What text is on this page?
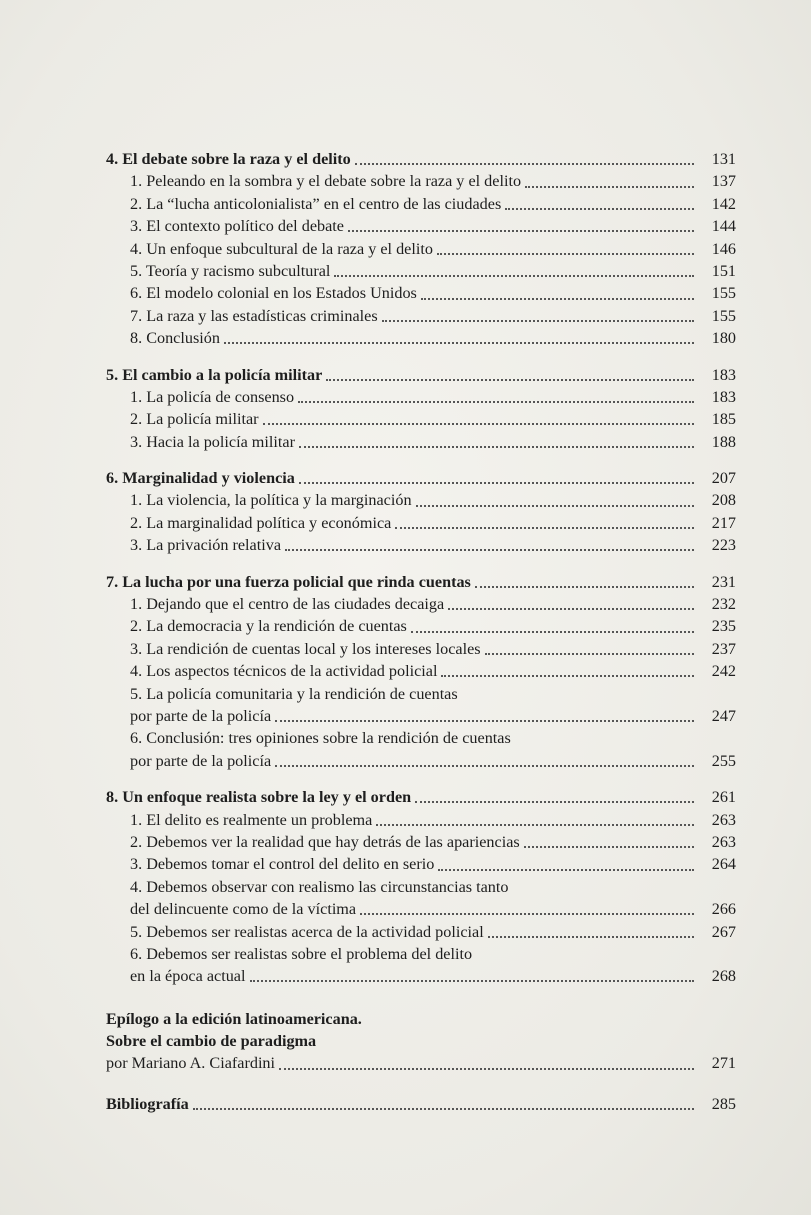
4. El debate sobre la raza y el delito	131
1. Peleando en la sombra y el debate sobre la raza y el delito	137
2. La “lucha anticolonialista” en el centro de las ciudades	142
3. El contexto político del debate	144
4. Un enfoque subcultural de la raza y el delito	146
5. Teoría y racismo subcultural	151
6. El modelo colonial en los Estados Unidos	155
7. La raza y las estadísticas criminales	155
8. Conclusión	180
5. El cambio a la policía militar	183
1. La policía de consenso	183
2. La policía militar	185
3. Hacia la policía militar	188
6. Marginalidad y violencia	207
1. La violencia, la política y la marginación	208
2. La marginalidad política y económica	217
3. La privación relativa	223
7. La lucha por una fuerza policial que rinda cuentas	231
1. Dejando que el centro de las ciudades decaiga	232
2. La democracia y la rendición de cuentas	235
3. La rendición de cuentas local y los intereses locales	237
4. Los aspectos técnicos de la actividad policial	242
5. La policía comunitaria y la rendición de cuentas
por parte de la policía	247
6. Conclusión: tres opiniones sobre la rendición de cuentas
por parte de la policía	255
8. Un enfoque realista sobre la ley y el orden	261
1. El delito es realmente un problema	263
2. Debemos ver la realidad que hay detrás de las apariencias	263
3. Debemos tomar el control del delito en serio	264
4. Debemos observar con realismo las circunstancias tanto
del delincuente como de la víctima	266
5. Debemos ser realistas acerca de la actividad policial	267
6. Debemos ser realistas sobre el problema del delito
en la época actual	268
Epílogo a la edición latinoamericana.
Sobre el cambio de paradigma
por Mariano A. Ciafardini	271
Bibliografía	285
